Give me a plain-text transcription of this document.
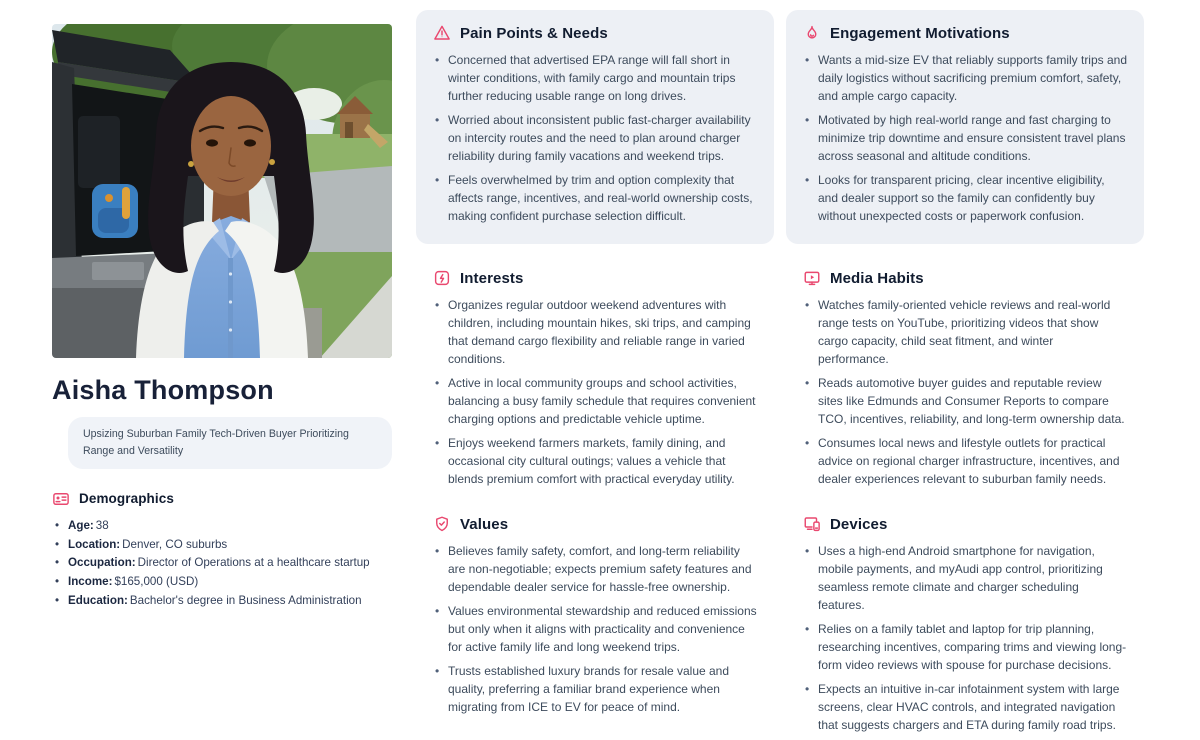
Aisha Thompson
Upsizing Suburban Family Tech-Driven Buyer Prioritizing Range and Versatility
Demographics
• Age: 38
• Location: Denver, CO suburbs
• Occupation: Director of Operations at a healthcare startup
• Income: $165,000 (USD)
• Education: Bachelor's degree in Business Administration
Pain Points & Needs
• Concerned that advertised EPA range will fall short in winter conditions, with family cargo and mountain trips further reducing usable range on long drives.
• Worried about inconsistent public fast-charger availability on intercity routes and the need to plan around charger reliability during family vacations and weekend trips.
• Feels overwhelmed by trim and option complexity that affects range, incentives, and real-world ownership costs, making confident purchase selection difficult.
Interests
• Organizes regular outdoor weekend adventures with children, including mountain hikes, ski trips, and camping that demand cargo flexibility and reliable range in varied conditions.
• Active in local community groups and school activities, balancing a busy family schedule that requires convenient charging options and predictable vehicle uptime.
• Enjoys weekend farmers markets, family dining, and occasional city cultural outings; values a vehicle that blends premium comfort with practical everyday utility.
Values
• Believes family safety, comfort, and long-term reliability are non-negotiable; expects premium safety features and dependable dealer service for hassle-free ownership.
• Values environmental stewardship and reduced emissions but only when it aligns with practicality and convenience for active family life and long weekend trips.
• Trusts established luxury brands for resale value and quality, preferring a familiar brand experience when migrating from ICE to EV for peace of mind.
Engagement Motivations
• Wants a mid-size EV that reliably supports family trips and daily logistics without sacrificing premium comfort, safety, and ample cargo capacity.
• Motivated by high real-world range and fast charging to minimize trip downtime and ensure consistent travel plans across seasonal and altitude conditions.
• Looks for transparent pricing, clear incentive eligibility, and dealer support so the family can confidently buy without unexpected costs or paperwork confusion.
Media Habits
• Watches family-oriented vehicle reviews and real-world range tests on YouTube, prioritizing videos that show cargo capacity, child seat fitment, and winter performance.
• Reads automotive buyer guides and reputable review sites like Edmunds and Consumer Reports to compare TCO, incentives, reliability, and long-term ownership data.
• Consumes local news and lifestyle outlets for practical advice on regional charger infrastructure, incentives, and dealer experiences relevant to suburban family needs.
Devices
• Uses a high-end Android smartphone for navigation, mobile payments, and myAudi app control, prioritizing seamless remote climate and charger scheduling features.
• Relies on a family tablet and laptop for trip planning, researching incentives, comparing trims and viewing long-form video reviews with spouse for purchase decisions.
• Expects an intuitive in-car infotainment system with large screens, clear HVAC controls, and integrated navigation that suggests chargers and ETA during family road trips.
